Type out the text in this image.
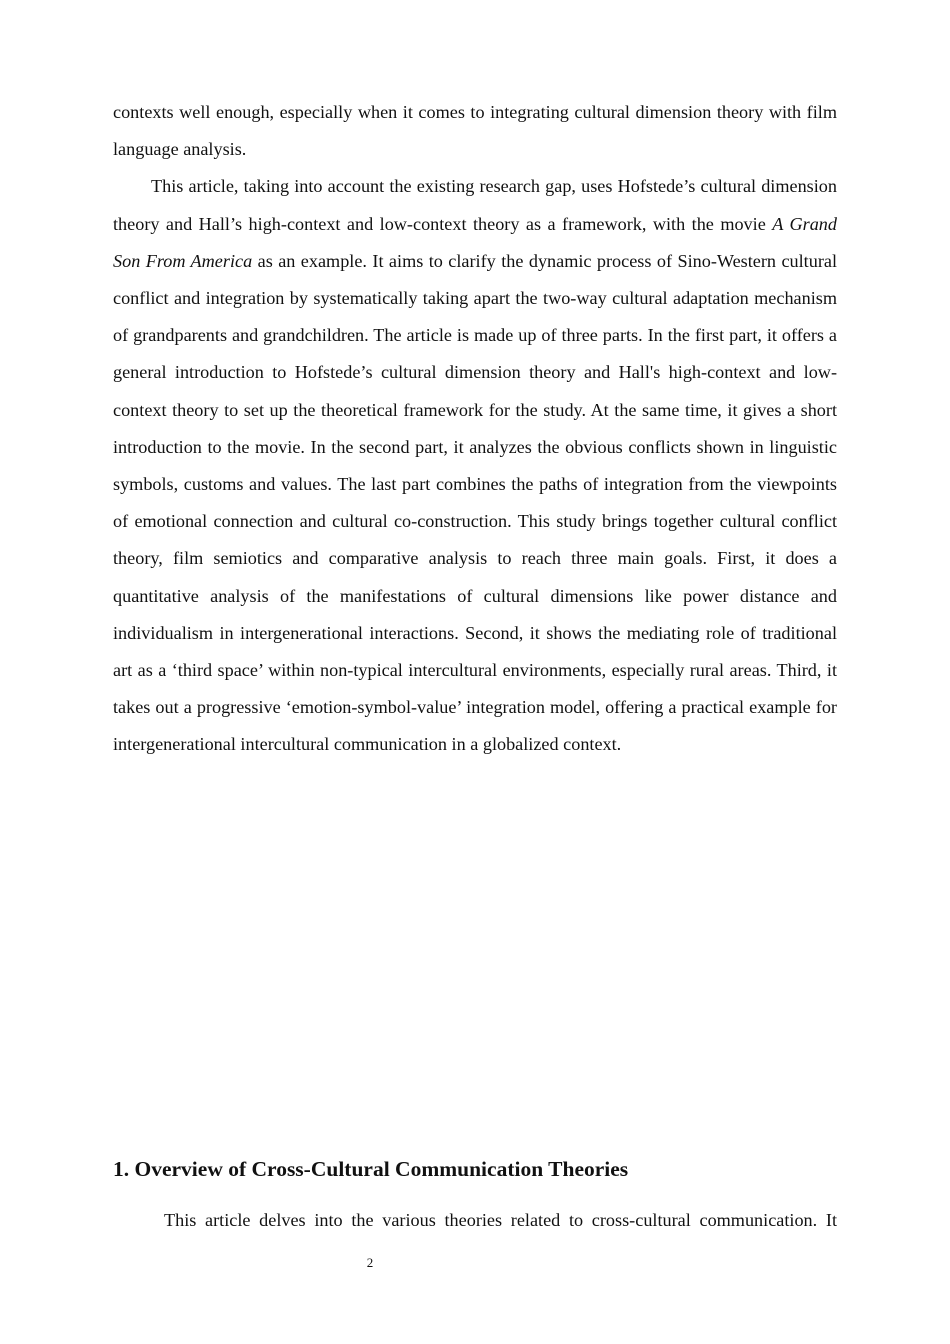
contexts well enough, especially when it comes to integrating cultural dimension theory with film language analysis.

This article, taking into account the existing research gap, uses Hofstede’s cultural dimension theory and Hall’s high-context and low-context theory as a framework, with the movie A Grand Son From America as an example. It aims to clarify the dynamic process of Sino-Western cultural conflict and integration by systematically taking apart the two-way cultural adaptation mechanism of grandparents and grandchildren. The article is made up of three parts. In the first part, it offers a general introduction to Hofstede’s cultural dimension theory and Hall's high-context and low-context theory to set up the theoretical framework for the study. At the same time, it gives a short introduction to the movie. In the second part, it analyzes the obvious conflicts shown in linguistic symbols, customs and values. The last part combines the paths of integration from the viewpoints of emotional connection and cultural co-construction. This study brings together cultural conflict theory, film semiotics and comparative analysis to reach three main goals. First, it does a quantitative analysis of the manifestations of cultural dimensions like power distance and individualism in intergenerational interactions. Second, it shows the mediating role of traditional art as a ‘third space’ within non-typical intercultural environments, especially rural areas. Third, it takes out a progressive ‘emotion-symbol-value’ integration model, offering a practical example for intergenerational intercultural communication in a globalized context.

1. Overview of Cross-Cultural Communication Theories

This article delves into the various theories related to cross-cultural communication. It

2
